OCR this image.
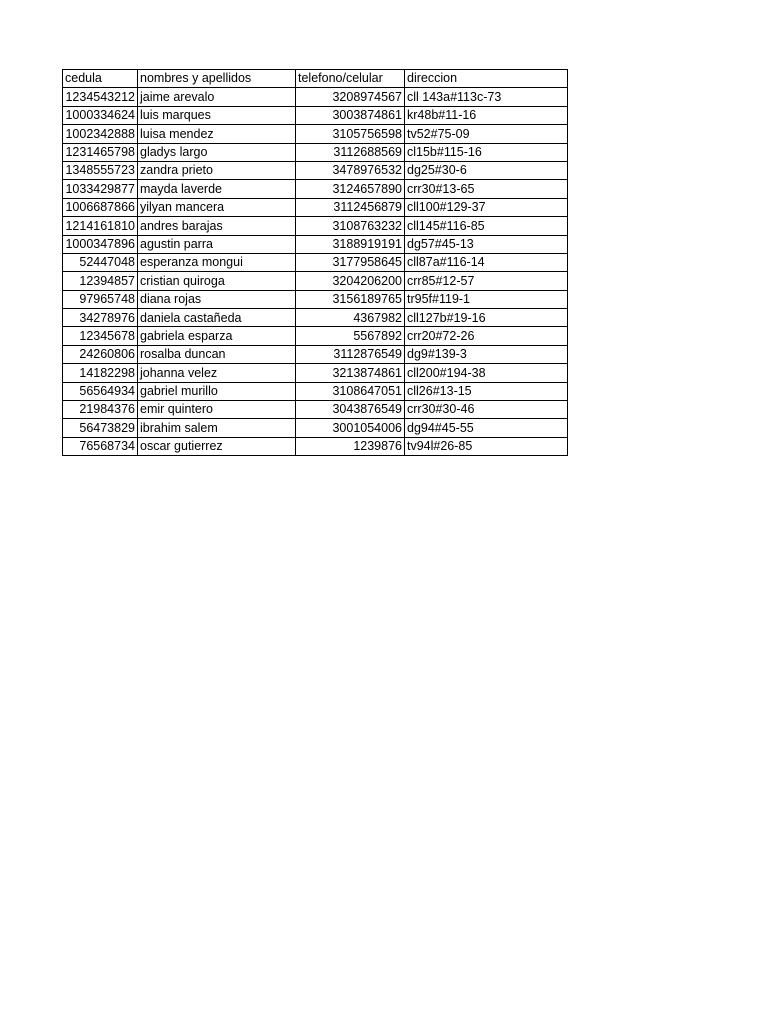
cedula	nombres y apellidos	telefono/celular	direccion
1234543212	jaime arevalo	3208974567	cll 143a#113c-73
1000334624	luis marques	3003874861	kr48b#11-16
1002342888	luisa mendez	3105756598	tv52#75-09
1231465798	gladys largo	3112688569	cl15b#115-16
1348555723	zandra prieto	3478976532	dg25#30-6
1033429877	mayda laverde	3124657890	crr30#13-65
1006687866	yilyan mancera	3112456879	cll100#129-37
1214161810	andres barajas	3108763232	cll145#116-85
1000347896	agustin parra	3188919191	dg57#45-13
52447048	esperanza mongui	3177958645	cll87a#116-14
12394857	cristian quiroga	3204206200	crr85#12-57
97965748	diana rojas	3156189765	tr95f#119-1
34278976	daniela castañeda	4367982	cll127b#19-16
12345678	gabriela esparza	5567892	crr20#72-26
24260806	rosalba duncan	3112876549	dg9#139-3
14182298	johanna velez	3213874861	cll200#194-38
56564934	gabriel murillo	3108647051	cll26#13-15
21984376	emir quintero	3043876549	crr30#30-46
56473829	ibrahim salem	3001054006	dg94#45-55
76568734	oscar gutierrez	1239876	tv94l#26-85
